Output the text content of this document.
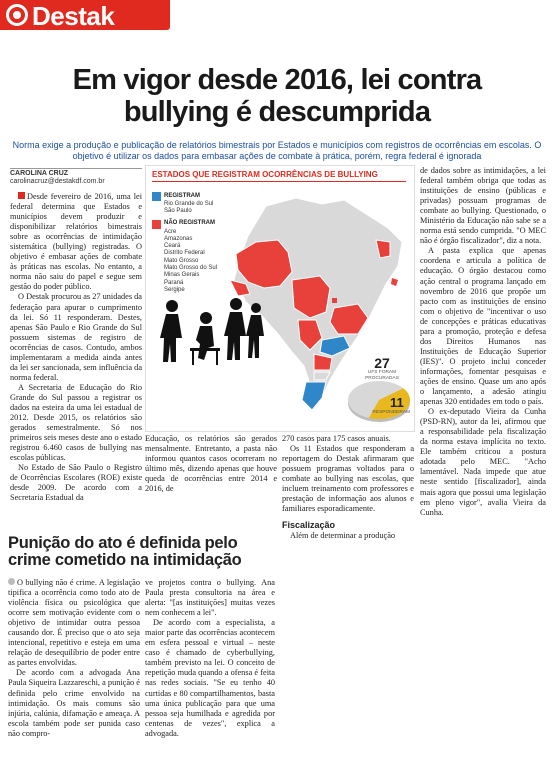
Destak
Em vigor desde 2016, lei contra
bullying é descumprida

Norma exige a produção e publicação de relatórios bimestrais por Estados e municípios com registros de ocorrências em escolas. O objetivo é utilizar os dados para embasar ações de combate à prática, porém, regra federal é ignorada

CAROLINA CRUZ
carolinacruz@destakdf.com.br

Desde fevereiro de 2016, uma lei federal determina que Estados e municípios devem produzir e disponibilizar relatórios bimestrais sobre as ocorrências de intimidação sistemática (bullying) registradas. O objetivo é embasar ações de combate às práticas nas escolas. No entanto, a norma não saiu do papel e segue sem gestão do poder público.

O Destak procurou as 27 unidades da federação para apurar o cumprimento da lei. Só 11 responderam. Destes, apenas São Paulo e Rio Grande do Sul possuem sistemas de registro de ocorrências de casos. Contudo, ambos implementaram a medida ainda antes da lei ser sancionada, sem influência da norma federal.

A Secretaria de Educação do Rio Grande do Sul passou a registrar os dados na esteira da uma lei estadual de 2012. Desde 2015, os relatórios são gerados semestralmente. Só nos primeiros seis meses deste ano o estado registrou 6.460 casos de bullying nas escolas públicas.

No Estado de São Paulo o Registro de Ocorrências Escolares (ROE) existe desde 2009. De acordo com a Secretaria Estadual da

ESTADOS QUE REGISTRAM OCORRÊNCIAS DE BULLYING
REGISTRAM
Rio Grande do Sul
São Paulo
NÃO REGISTRAM
Acre
Amazonas
Ceará
Distrito Federal
Mato Grosso
Mato Grosso do Sul
Minas Gerais
Paraná
Sergipe
27
UFS FORAM PROCURADAS
11
RESPONDERAM

Educação, os relatórios são gerados mensalmente. Entretanto, a pasta não informou quantos casos ocorreram no último mês, dizendo apenas que houve queda de ocorrências entre 2014 e 2016, de

270 casos para 175 casos anuais.

Os 11 Estados que responderam a reportagem do Destak afirmaram que possuem programas voltados para o combate ao bullying nas escolas, que incluem treinamento com professores e prestação de informação aos alunos e familiares esporadicamente.

Fiscalização

Além de determinar a produção

de dados sobre as intimidações, a lei federal também obriga que todas as instituições de ensino (públicas e privadas) possuam programas de combate ao bullying. Questionado, o Ministério da Educação não sabe se a norma está sendo cumprida. "O MEC não é órgão fiscalizador", diz a nota.

A pasta explica que apenas coordena e articula a política de educação. O órgão destacou como ação central o programa lançado em novembro de 2016 que propõe um pacto com as instituições de ensino com o objetivo de "incentivar o uso de concepções e práticas educativas para a promoção, proteção e defesa dos Direitos Humanos nas Instituições de Educação Superior (IES)". O projeto inclui conceder informações, fomentar pesquisas e ações de ensino. Quase um ano após o lançamento, a adesão atingiu apenas 320 entidades em todo o país.

O ex-deputado Vieira da Cunha (PSD-RN), autor da lei, afirmou que a responsabilidade pela fiscalização da norma estava implícita no texto. Ele também criticou a postura adotada pelo MEC. "Acho lamentável. Nada impede que atue neste sentido [fiscalizador], ainda mais agora que possui uma legislação em pleno vigor", avalia Vieira da Cunha.

Punição do ato é definida pelo
crime cometido na intimidação

O bullying não é crime. A legislação tipifica a ocorrência como todo ato de violência física ou psicológica que ocorre sem motivação evidente com o objetivo de intimidar outra pessoa causando dor. É preciso que o ato seja intencional, repetitivo e esteja em uma relação de desequilíbrio de poder entre as partes envolvidas.

De acordo com a advogada Ana Paula Siqueira Lazzareschi, a punição é definida pelo crime envolvido na intimidação. Os mais comuns são injúria, calúnia, difamação e ameaça. A escola também pode ser punida caso não compro-

ve projetos contra o bullying. Ana Paula presta consultoria na área e alerta: "[as instituições] muitas vezes nem conhecem a lei".

De acordo com a especialista, a maior parte das ocorrências acontecem em esfera pessoal e virtual – neste caso é chamado de cyberbullying, também previsto na lei. O conceito de repetição muda quando a ofensa é feita nas redes sociais. "Se eu tenho 40 curtidas e 80 compartilhamentos, basta uma única publicação para que uma pessoa seja humilhada e agredida por centenas de vezes", explica a advogada.
